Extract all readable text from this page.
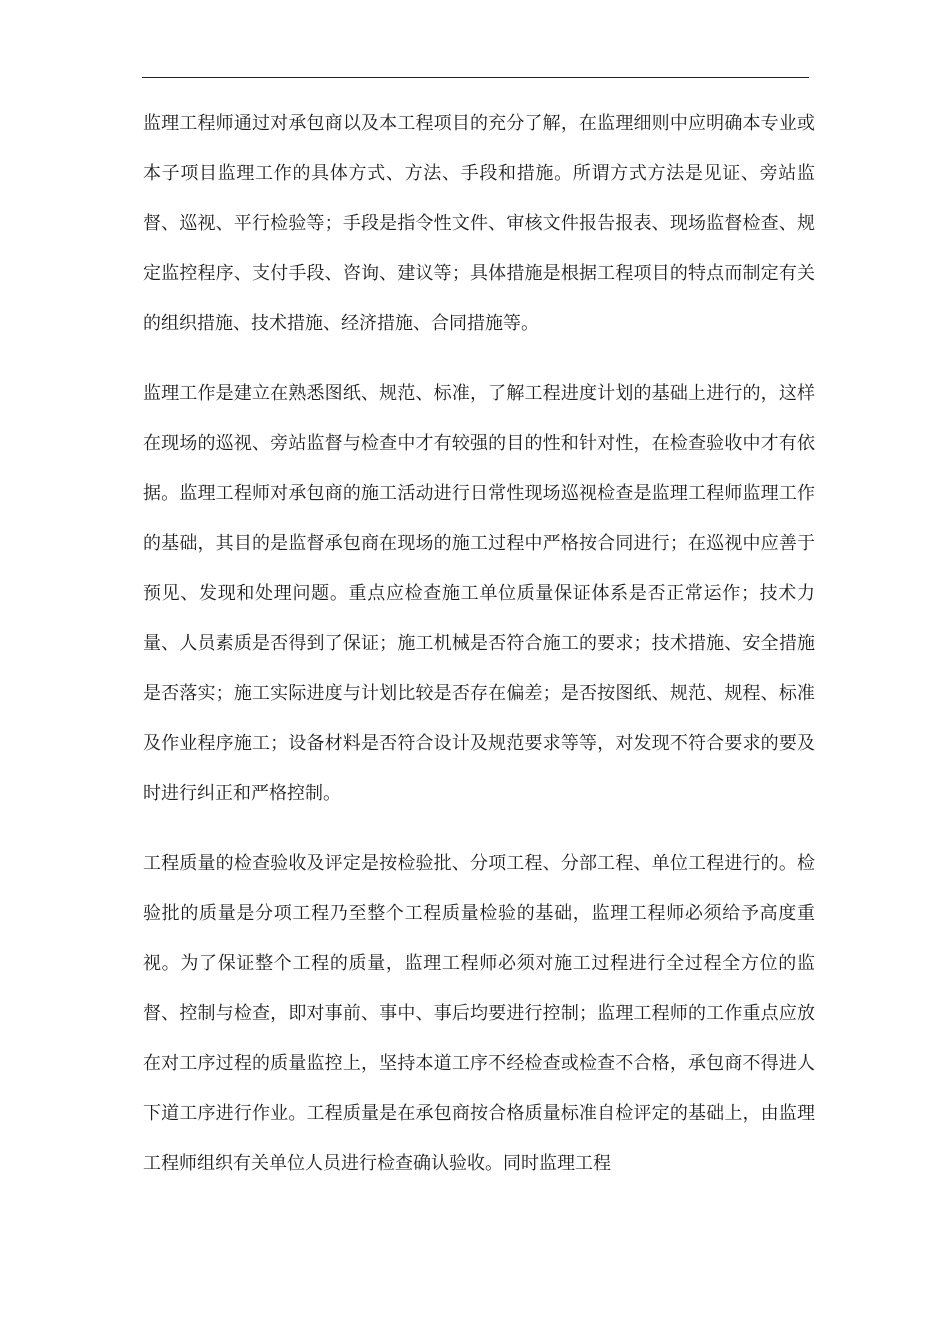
监理工程师通过对承包商以及本工程项目的充分了解，在监理细则中应明确本专业或本子项目监理工作的具体方式、方法、手段和措施。所谓方式方法是见证、旁站监督、巡视、平行检验等；手段是指令性文件、审核文件报告报表、现场监督检查、规定监控程序、支付手段、咨询、建议等；具体措施是根据工程项目的特点而制定有关的组织措施、技术措施、经济措施、合同措施等。

监理工作是建立在熟悉图纸、规范、标准，了解工程进度计划的基础上进行的，这样在现场的巡视、旁站监督与检查中才有较强的目的性和针对性，在检查验收中才有依据。监理工程师对承包商的施工活动进行日常性现场巡视检查是监理工程师监理工作的基础，其目的是监督承包商在现场的施工过程中严格按合同进行；在巡视中应善于预见、发现和处理问题。重点应检查施工单位质量保证体系是否正常运作；技术力量、人员素质是否得到了保证；施工机械是否符合施工的要求；技术措施、安全措施是否落实；施工实际进度与计划比较是否存在偏差；是否按图纸、规范、规程、标准及作业程序施工；设备材料是否符合设计及规范要求等等，对发现不符合要求的要及时进行纠正和严格控制。

工程质量的检查验收及评定是按检验批、分项工程、分部工程、单位工程进行的。检验批的质量是分项工程乃至整个工程质量检验的基础，监理工程师必须给予高度重视。为了保证整个工程的质量，监理工程师必须对施工过程进行全过程全方位的监督、控制与检查，即对事前、事中、事后均要进行控制；监理工程师的工作重点应放在对工序过程的质量监控上，坚持本道工序不经检查或检查不合格，承包商不得进人下道工序进行作业。工程质量是在承包商按合格质量标准自检评定的基础上，由监理工程师组织有关单位人员进行检查确认验收。同时监理工程
